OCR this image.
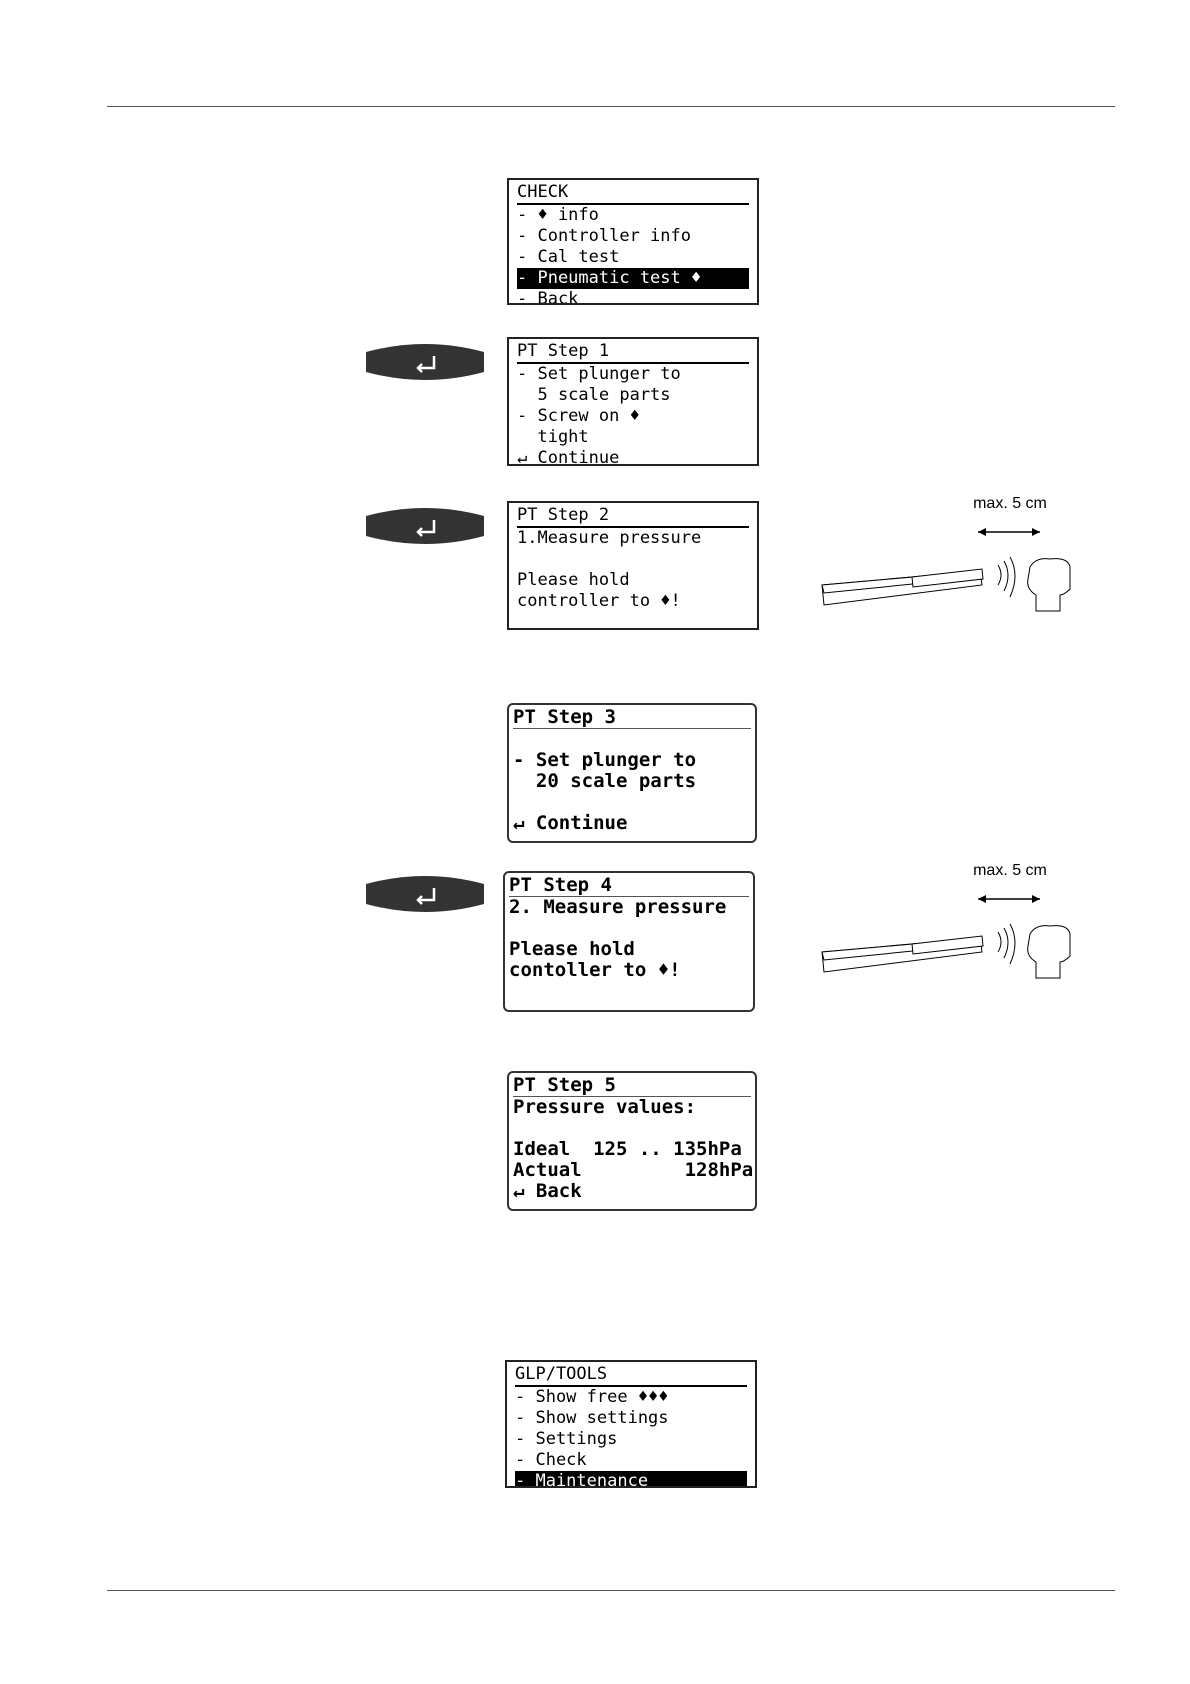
CHECK
- ♦ info
- Controller info
- Cal test
- Pneumatic test ♦
- Back
PT Step 1
- Set plunger to
5 scale parts
- Screw on ♦
tight
↵ Continue
PT Step 2
1.Measure pressure
Please hold
controller to ♦!
max. 5 cm
PT Step 3
- Set plunger to
20 scale parts
↵ Continue
PT Step 4
2. Measure pressure
Please hold
contoller to ♦!
max. 5 cm
PT Step 5
Pressure values:
Ideal  125 .. 135hPa
Actual         128hPa
↵ Back
GLP/TOOLS
- Show free ♦♦♦
- Show settings
- Settings
- Check
- Maintenance
